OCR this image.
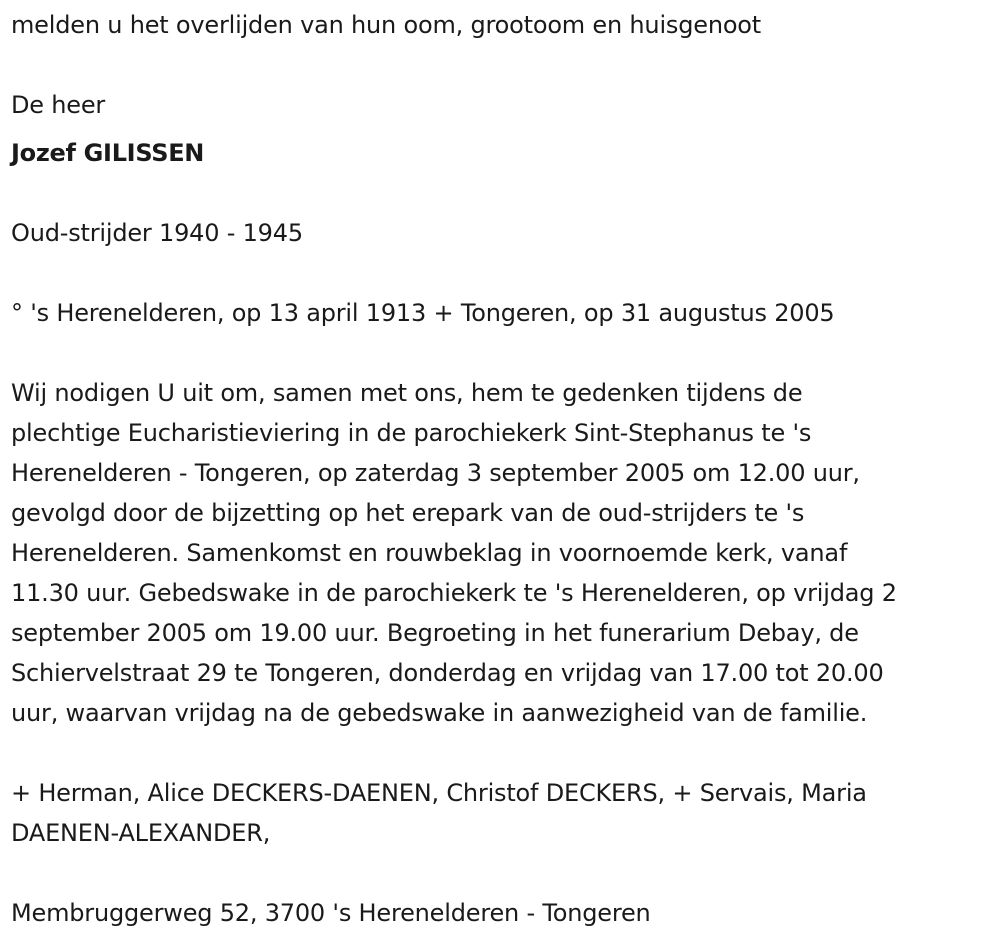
melden u het overlijden van hun oom, grootoom en huisgenoot

De heer

Jozef GILISSEN

Oud-strijder 1940 - 1945

° 's Herenelderen, op 13 april 1913 + Tongeren, op 31 augustus 2005

Wij nodigen U uit om, samen met ons, hem te gedenken tijdens de

plechtige Eucharistieviering in de parochiekerk Sint-Stephanus te 's

Herenelderen - Tongeren, op zaterdag 3 september 2005 om 12.00 uur,

gevolgd door de bijzetting op het erepark van de oud-strijders te 's

Herenelderen. Samenkomst en rouwbeklag in voornoemde kerk, vanaf

11.30 uur. Gebedswake in de parochiekerk te 's Herenelderen, op vrijdag 2

september 2005 om 19.00 uur. Begroeting in het funerarium Debay, de

Schiervelstraat 29 te Tongeren, donderdag en vrijdag van 17.00 tot 20.00

uur, waarvan vrijdag na de gebedswake in aanwezigheid van de familie.

+ Herman, Alice DECKERS-DAENEN, Christof DECKERS, + Servais, Maria

DAENEN-ALEXANDER,

Membruggerweg 52, 3700 's Herenelderen - Tongeren
